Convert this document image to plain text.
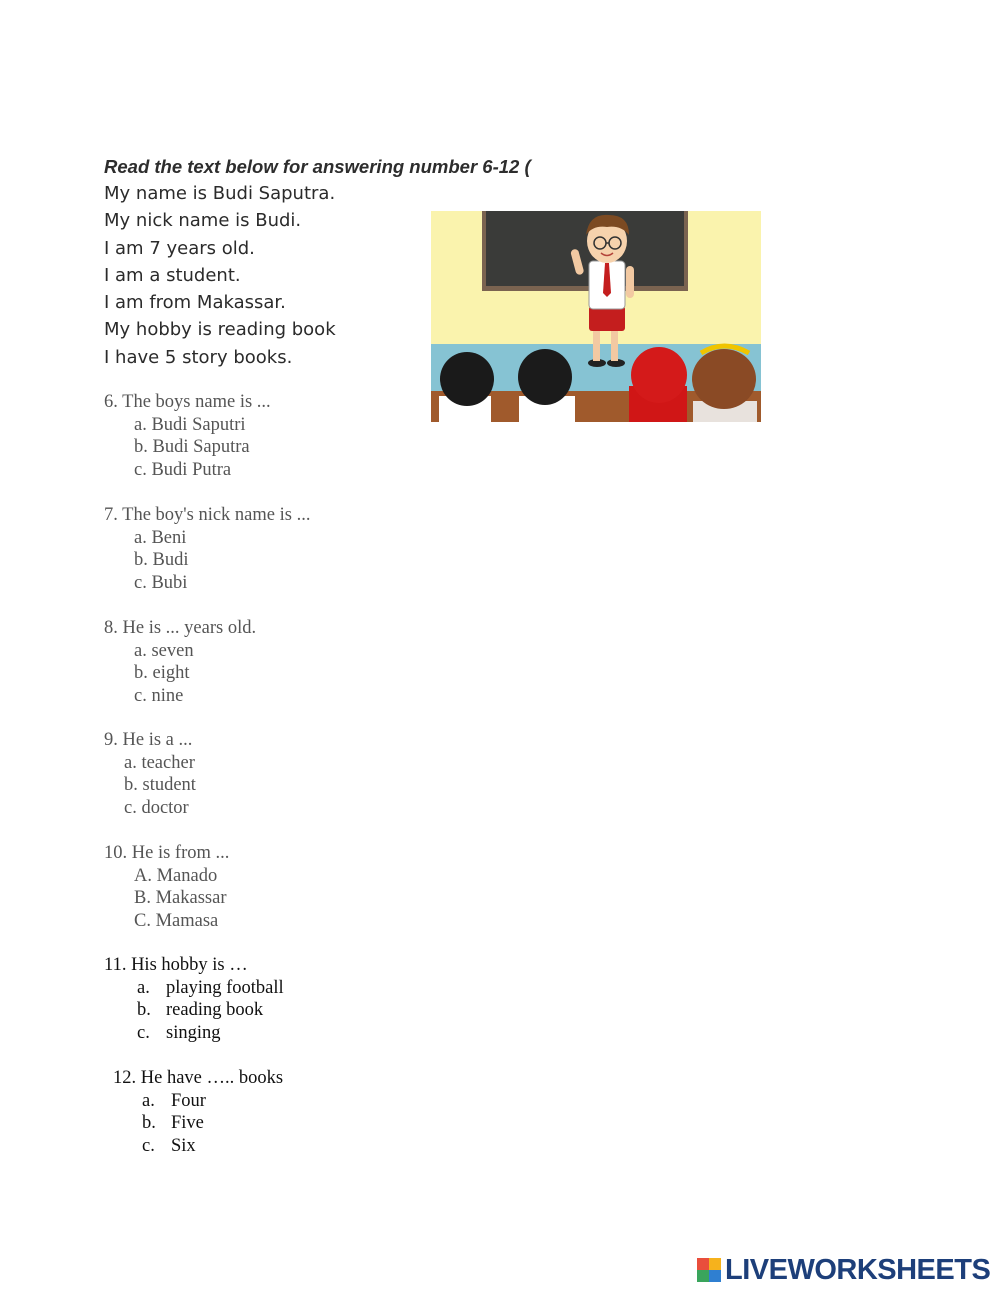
Read the text below for answering number 6-12 (
My name is Budi Saputra.
My nick name is Budi.
I am 7 years old.
I am a student.
I am from Makassar.
My hobby is reading book
I have 5 story books.
6. The boys name is ...
a. Budi Saputri
b. Budi Saputra
c. Budi Putra
7. The boy's nick name is ...
a. Beni
b. Budi
c. Bubi
8. He is ... years old.
a. seven
b. eight
c. nine
9. He is a ...
a. teacher
b. student
c. doctor
10. He is from ...
A. Manado
B. Makassar
C. Mamasa
11. His hobby is …
a. playing football
b. reading book
c. singing
12. He have ….. books
a. Four
b. Five
c. Six
LIVEWORKSHEETS
